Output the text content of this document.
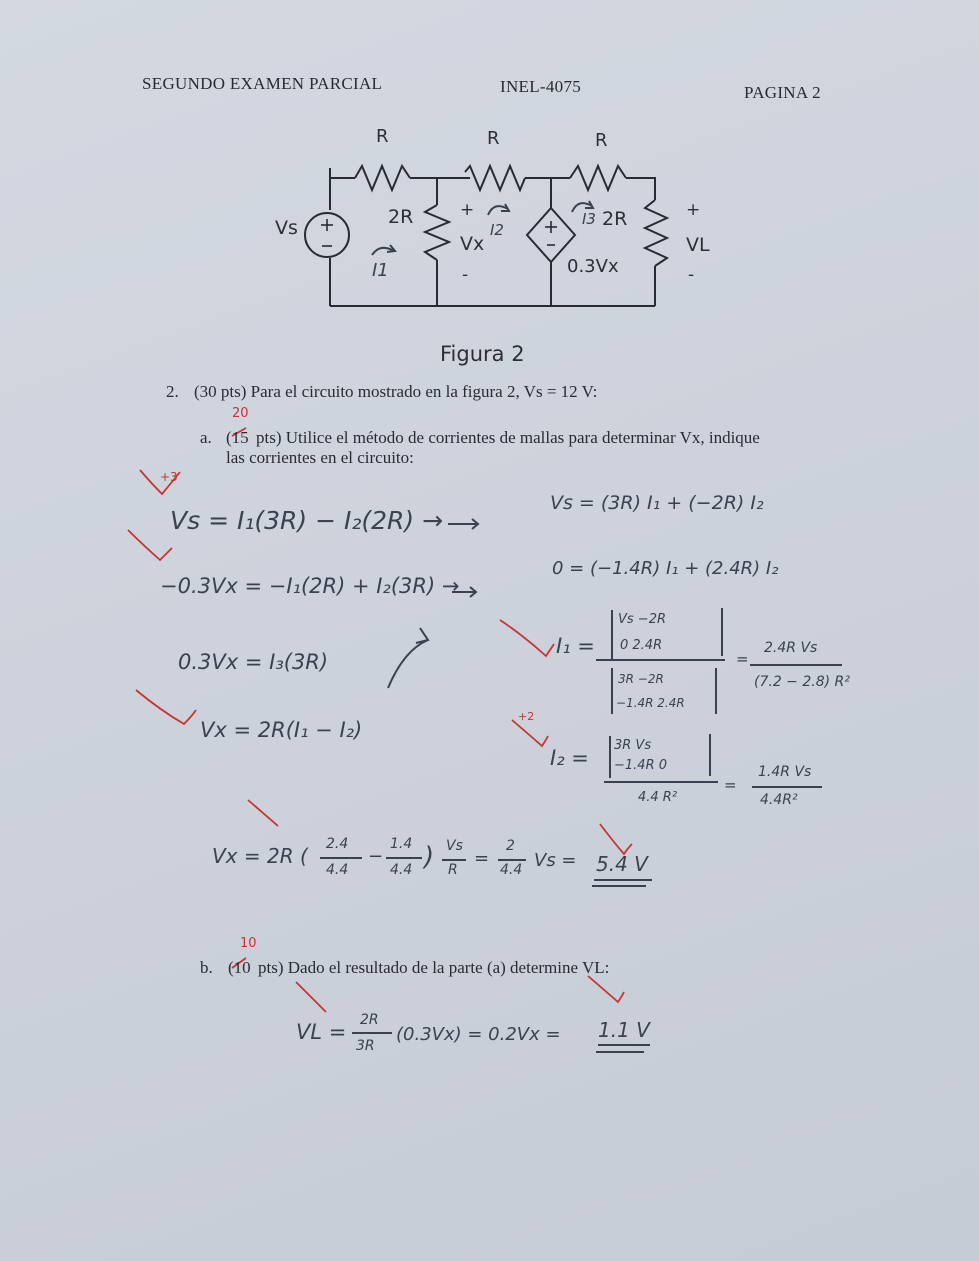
SEGUNDO EXAMEN PARCIAL	INEL-4075	PAGINA 2
R	R	R
Vs	2R	+
Vx
-
2R
0.3Vx
+
VL
-
I1
I2
I3
Figura 2
2. (30 pts) Para el circuito mostrado en la figura 2, Vs = 12 V:
20
a. (15 pts) Utilice el método de corrientes de mallas para determinar Vx, indique
las corrientes en el circuito:
+3
Vs = I₁(3R) − I₂(2R) →
−0.3Vx = −I₁(2R) + I₂(3R) →
0.3Vx = I₃(3R)
Vx = 2R(I₁ − I₂)
Vs = (3R) I₁ + (−2R) I₂
0 = (−1.4R) I₁ + (2.4R) I₂
I₁ =
Vs −2R
0 2.4R
3R −2R
−1.4R 2.4R
=
2.4R Vs
(7.2 − 2.8) R²
+2
I₂ =
3R Vs
−1.4R 0
4.4 R²
=
1.4R Vs
4.4R²
Vx = 2R ( 2.4
4.4
−
1.4
4.4 ) Vs
R
=
2
4.4 Vs = 5.4 V
10
b. (10 pts) Dado el resultado de la parte (a) determine VL:
VL = 2R
3R
(0.3Vx) = 0.2Vx = 1.1 V
